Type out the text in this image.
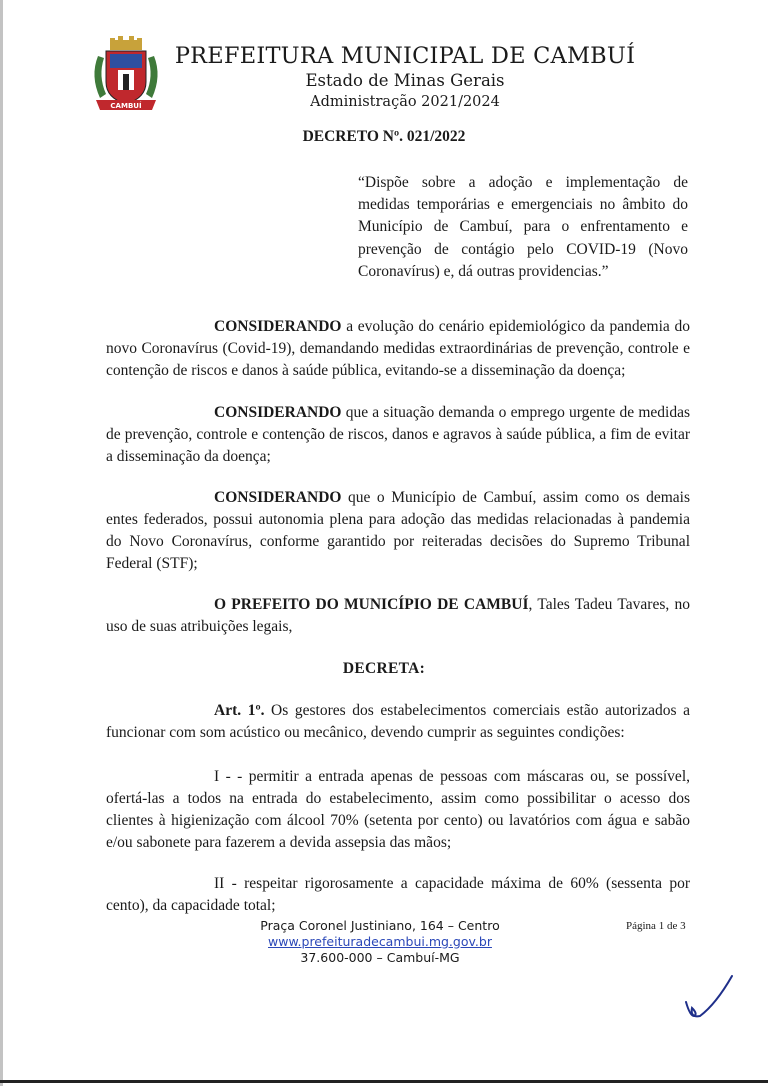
CAMBUÍ
PREFEITURA MUNICIPAL DE CAMBUÍ
Estado de Minas Gerais
Administração 2021/2024
DECRETO Nº. 021/2022
“Dispõe sobre a adoção e implementação de medidas temporárias e emergenciais no âmbito do Município de Cambuí, para o enfrentamento e prevenção de contágio pelo COVID-19 (Novo Coronavírus) e, dá outras providencias.”
CONSIDERANDO a evolução do cenário epidemiológico da pandemia do novo Coronavírus (Covid-19), demandando medidas extraordinárias de prevenção, controle e contenção de riscos e danos à saúde pública, evitando-se a disseminação da doença;
CONSIDERANDO que a situação demanda o emprego urgente de medidas de prevenção, controle e contenção de riscos, danos e agravos à saúde pública, a fim de evitar a disseminação da doença;
CONSIDERANDO que o Município de Cambuí, assim como os demais entes federados, possui autonomia plena para adoção das medidas relacionadas à pandemia do Novo Coronavírus, conforme garantido por reiteradas decisões do Supremo Tribunal Federal (STF);
O PREFEITO DO MUNICÍPIO DE CAMBUÍ, Tales Tadeu Tavares, no uso de suas atribuições legais,
DECRETA:
Art. 1º. Os gestores dos estabelecimentos comerciais estão autorizados a funcionar com som acústico ou mecânico, devendo cumprir as seguintes condições:
I - - permitir a entrada apenas de pessoas com máscaras ou, se possível, ofertá-las a todos na entrada do estabelecimento, assim como possibilitar o acesso dos clientes à higienização com álcool 70% (setenta por cento) ou lavatórios com água e sabão e/ou sabonete para fazerem a devida assepsia das mãos;
II - respeitar rigorosamente a capacidade máxima de 60% (sessenta por cento), da capacidade total;
Praça Coronel Justiniano, 164 – Centro
www.prefeituradecambui.mg.gov.br
37.600-000 – Cambuí-MG
Página 1 de 3
